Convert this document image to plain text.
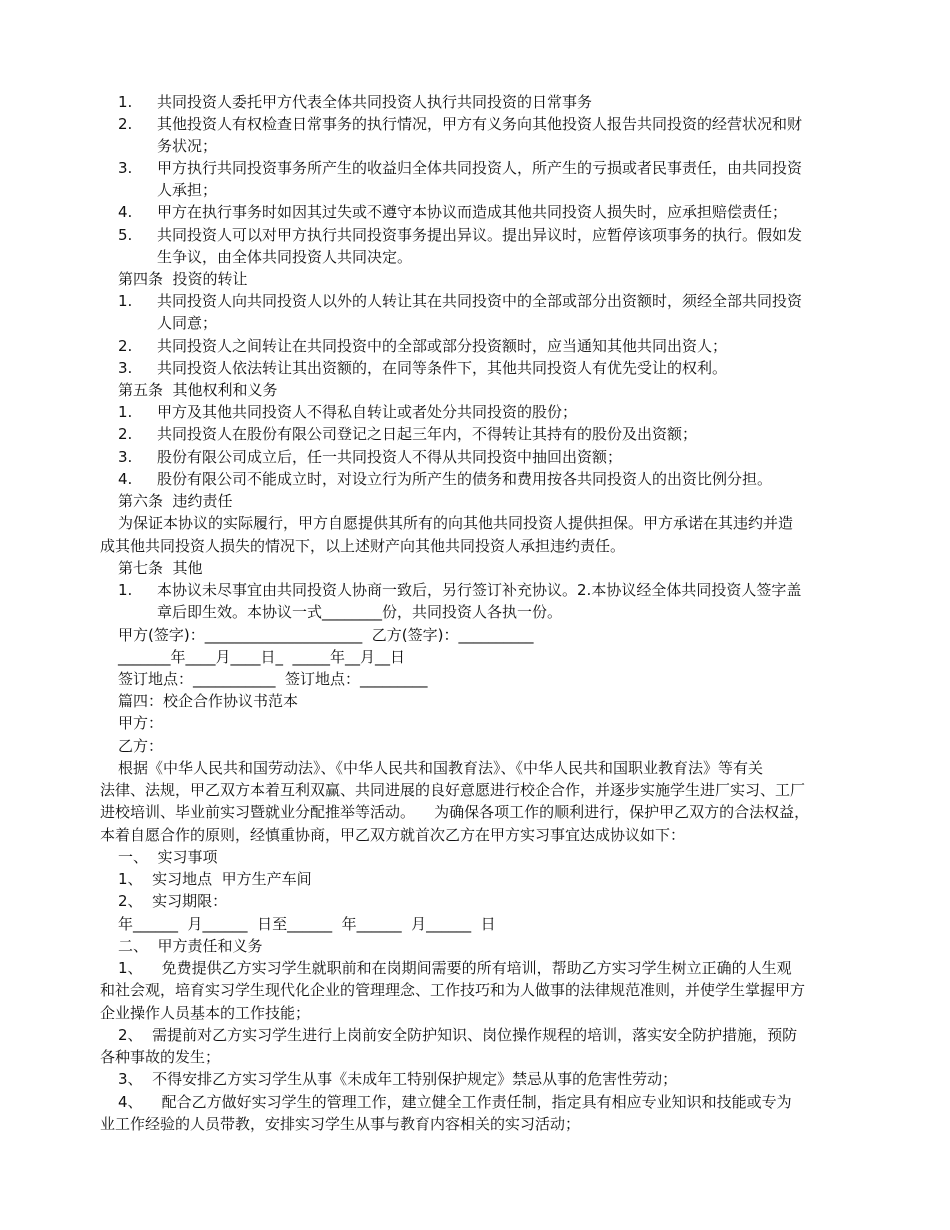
1. 共同投资人委托甲方代表全体共同投资人执行共同投资的日常事务
2. 其他投资人有权检查日常事务的执行情况，甲方有义务向其他投资人报告共同投资的经营状况和财
务状况；
3. 甲方执行共同投资事务所产生的收益归全体共同投资人，所产生的亏损或者民事责任，由共同投资
人承担；
4. 甲方在执行事务时如因其过失或不遵守本协议而造成其他共同投资人损失时，应承担赔偿责任；
5. 共同投资人可以对甲方执行共同投资事务提出异议。提出异议时，应暂停该项事务的执行。假如发
生争议，由全体共同投资人共同决定。
第四条  投资的转让
1. 共同投资人向共同投资人以外的人转让其在共同投资中的全部或部分出资额时，须经全部共同投资
人同意；
2. 共同投资人之间转让在共同投资中的全部或部分投资额时，应当通知其他共同出资人；
3. 共同投资人依法转让其出资额的，在同等条件下，其他共同投资人有优先受让的权利。
第五条  其他权利和义务
1. 甲方及其他共同投资人不得私自转让或者处分共同投资的股份；
2. 共同投资人在股份有限公司登记之日起三年内，不得转让其持有的股份及出资额；
3. 股份有限公司成立后，任一共同投资人不得从共同投资中抽回出资额；
4. 股份有限公司不能成立时，对设立行为所产生的债务和费用按各共同投资人的出资比例分担。
第六条  违约责任
为保证本协议的实际履行，甲方自愿提供其所有的向其他共同投资人提供担保。甲方承诺在其违约并造
成其他共同投资人损失的情况下，以上述财产向其他共同投资人承担违约责任。
第七条  其他
1. 本协议未尽事宜由共同投资人协商一致后，另行签订补充协议。2.本协议经全体共同投资人签字盖
章后即生效。本协议一式________份，共同投资人各执一份。
甲方(签字)：_____________________  乙方(签字)：__________
_______年____月____日_  _____年__月__日
签订地点：___________  签订地点：_________
篇四：校企合作协议书范本
甲方：
乙方：
根据《中华人民共和国劳动法》、《中华人民共和国教育法》、《中华人民共和国职业教育法》等有关
法律、法规，甲乙双方本着互利双赢、共同进展的良好意愿进行校企合作，并逐步实施学生进厂实习、工厂
进校培训、毕业前实习暨就业分配推举等活动。    为确保各项工作的顺利进行，保护甲乙双方的合法权益，
本着自愿合作的原则，经慎重协商，甲乙双方就首次乙方在甲方实习事宜达成协议如下：
一、  实习事项
1、  实习地点  甲方生产车间
2、  实习期限：
年______  月______  日至______  年______  月______  日
二、  甲方责任和义务
1、    免费提供乙方实习学生就职前和在岗期间需要的所有培训，帮助乙方实习学生树立正确的人生观
和社会观，培育实习学生现代化企业的管理理念、工作技巧和为人做事的法律规范准则，并使学生掌握甲方
企业操作人员基本的工作技能；
2、  需提前对乙方实习学生进行上岗前安全防护知识、岗位操作规程的培训，落实安全防护措施，预防
各种事故的发生；
3、  不得安排乙方实习学生从事《未成年工特别保护规定》禁忌从事的危害性劳动；
4、    配合乙方做好实习学生的管理工作，建立健全工作责任制，指定具有相应专业知识和技能或专为
业工作经验的人员带教，安排实习学生从事与教育内容相关的实习活动；
